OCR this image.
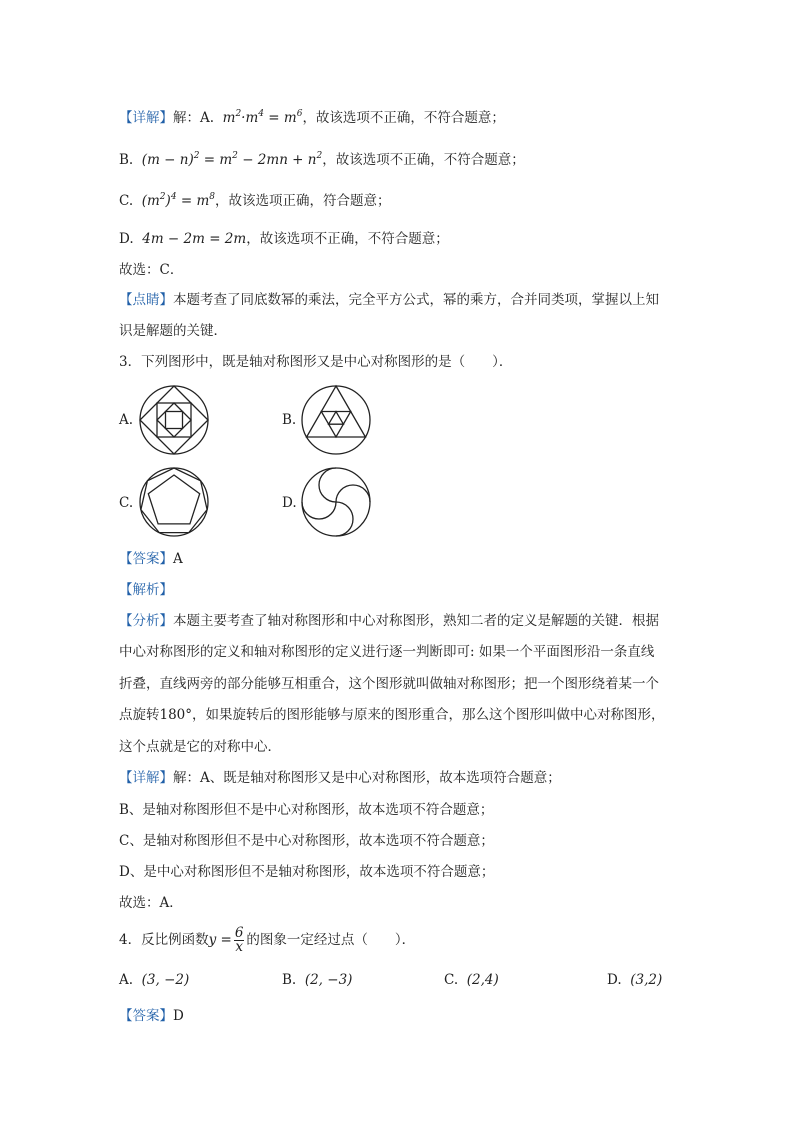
【详解】解：A.  $m^2\cdot m^4 = m^6$，故该选项不正确，不符合题意；
B.  $(m - n)^2 = m^2 - 2mn + n^2$，故该选项不正确，不符合题意；
C.  $(m^2)^4 = m^8$，故该选项正确，符合题意；
D.  4m − 2m = 2m，故该选项不正确，不符合题意；
故选：C．
【点睛】本题考查了同底数幂的乘法，完全平方公式，幂的乘方，合并同类项，掌握以上知
识是解题的关键．
3．下列图形中，既是轴对称图形又是中心对称图形的是（　　）．
A.	B.
C.	D.
【答案】A
【解析】
【分析】本题主要考查了轴对称图形和中心对称图形，熟知二者的定义是解题的关键．根据
中心对称图形的定义和轴对称图形的定义进行逐一判断即可: 如果一个平面图形沿一条直线
折叠，直线两旁的部分能够互相重合，这个图形就叫做轴对称图形；把一个图形绕着某一个
点旋转180°，如果旋转后的图形能够与原来的图形重合，那么这个图形叫做中心对称图形，
这个点就是它的对称中心．
【详解】解：A、既是轴对称图形又是中心对称图形，故本选项符合题意；
B、是轴对称图形但不是中心对称图形，故本选项不符合题意；
C、是轴对称图形但不是中心对称图形，故本选项不符合题意；
D、是中心对称图形但不是轴对称图形，故本选项不符合题意；
故选：A．
4．反比例函数$y = \frac{6}{x}$ 的图象一定经过点（　　）．
A. (3, −2)	B. (2, −3)	C. (2,4)	D. (3,2)
【答案】D
